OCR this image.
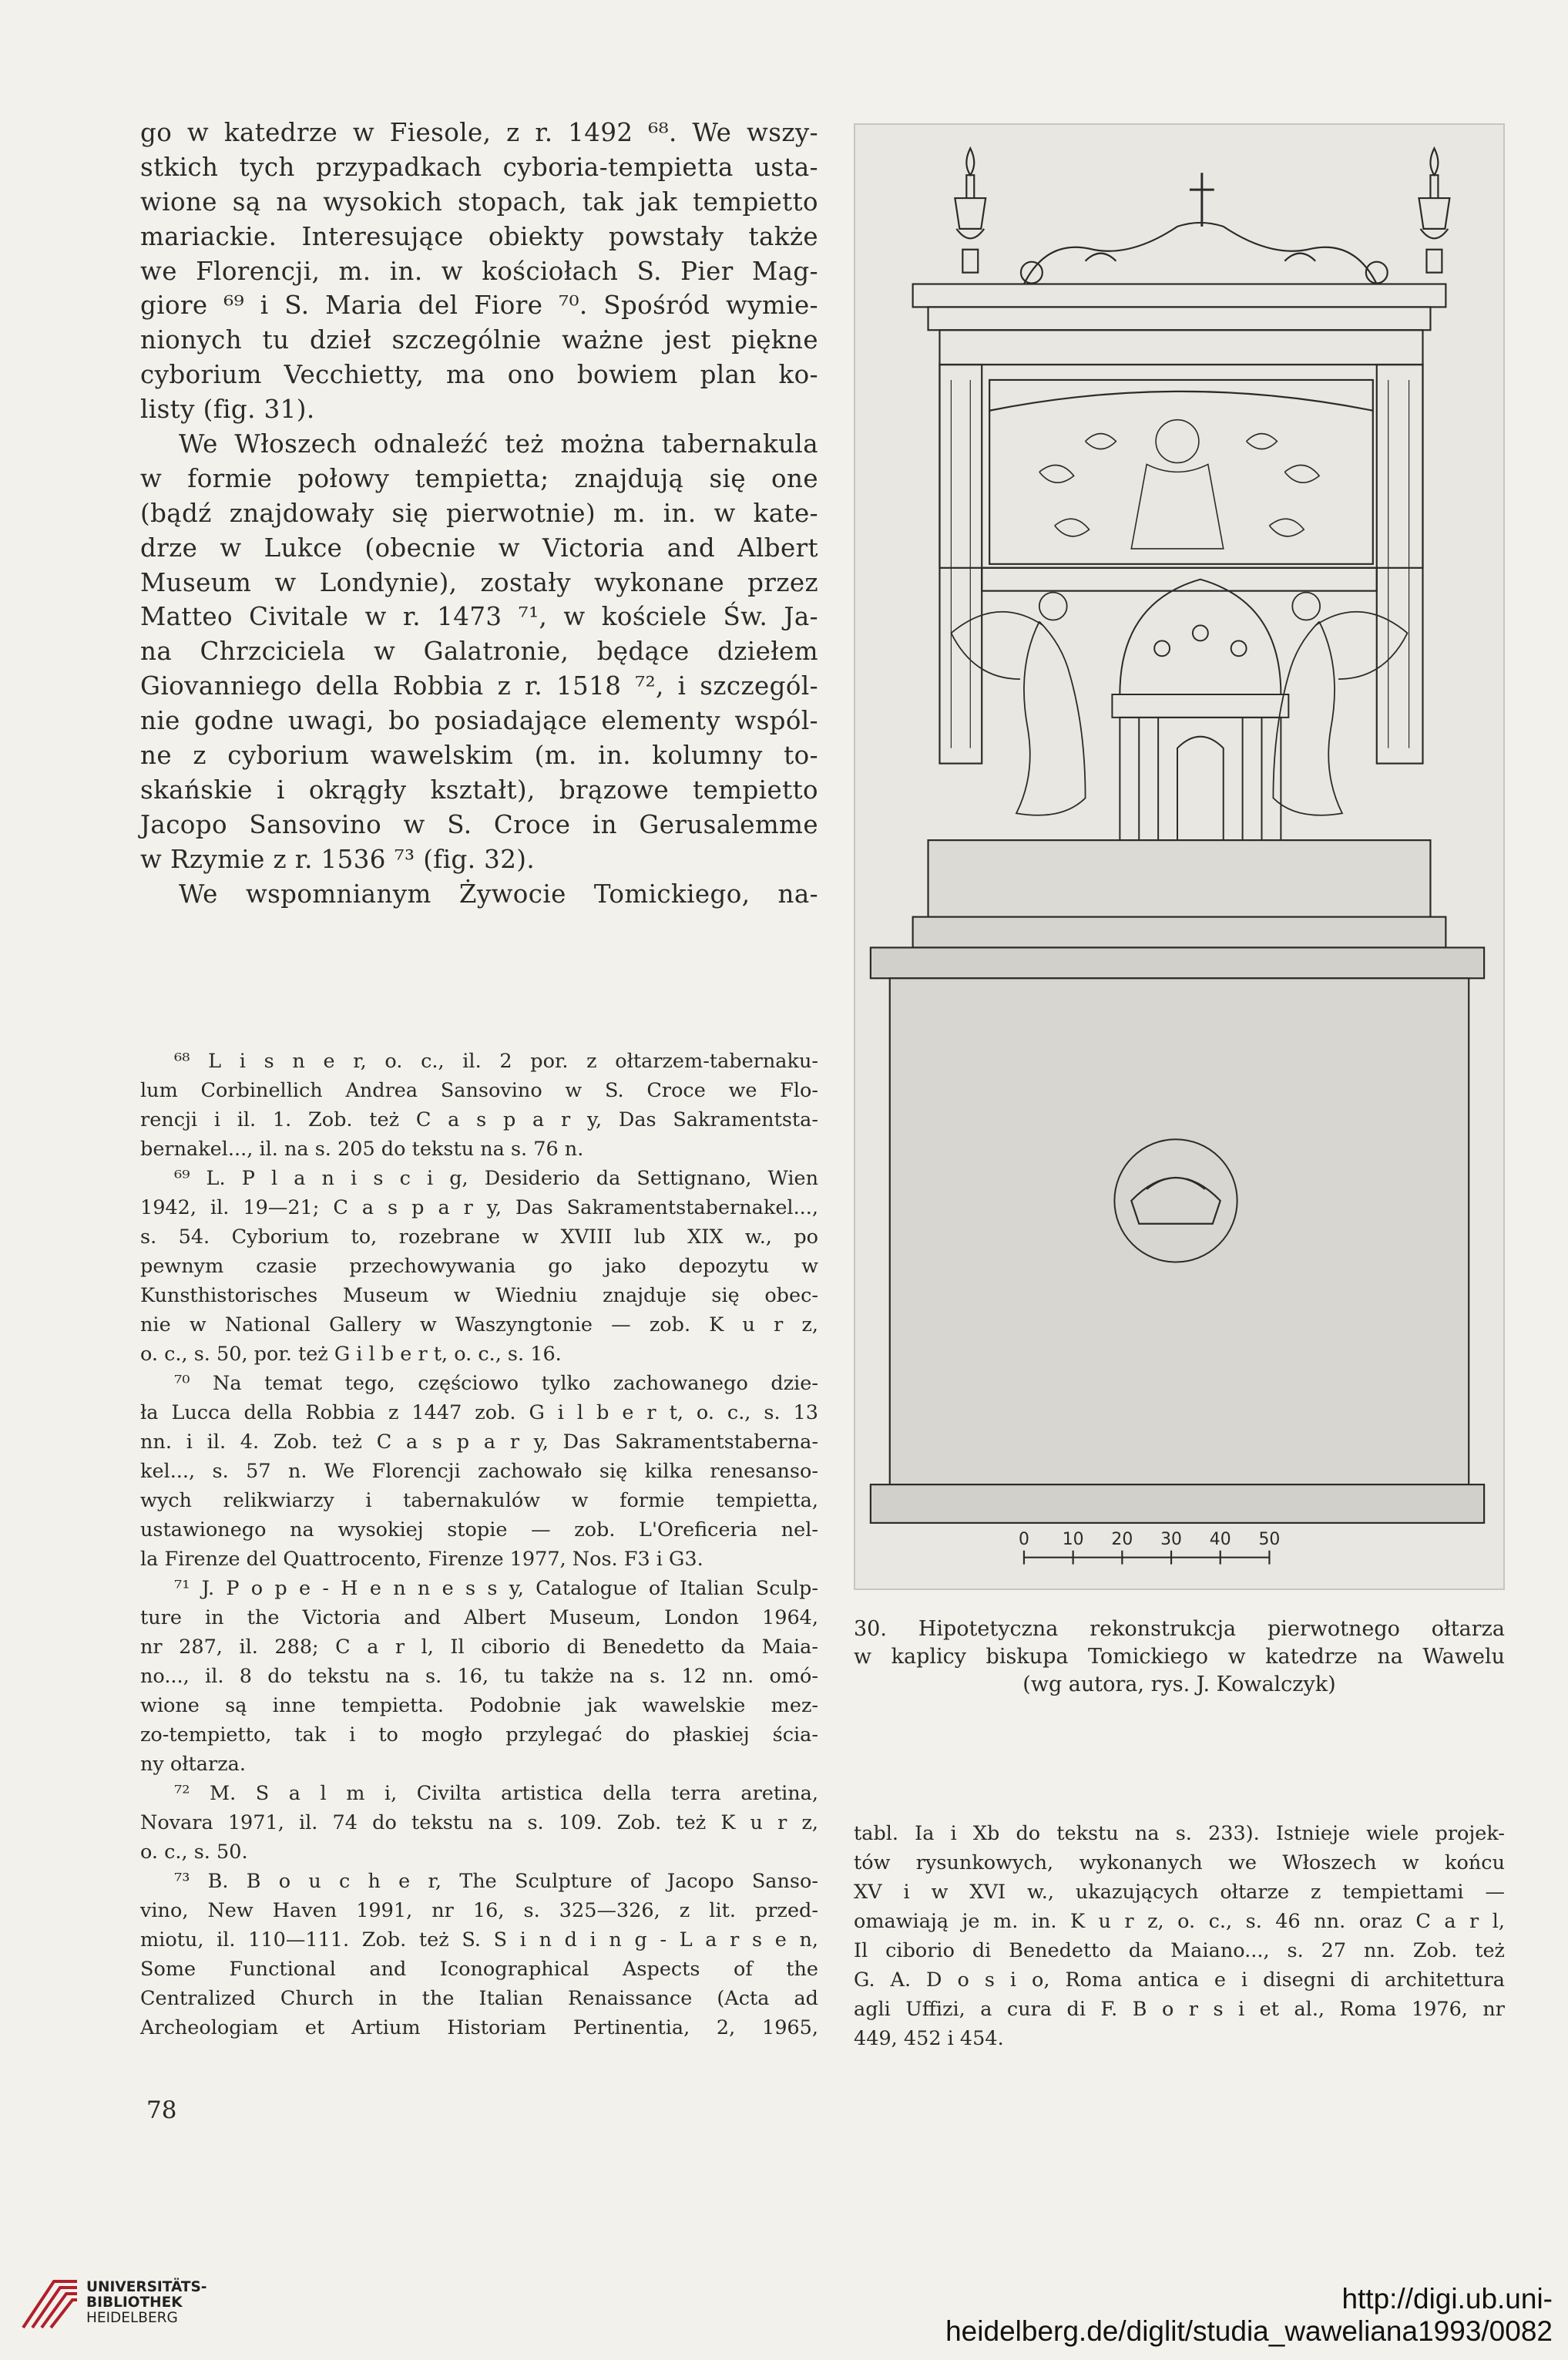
go w katedrze w Fiesole, z r. 1492 ⁶⁸. We wszy-
stkich tych przypadkach cyboria-tempietta usta-
wione są na wysokich stopach, tak jak tempietto
mariackie. Interesujące obiekty powstały także
we Florencji, m. in. w kościołach S. Pier Mag-
giore ⁶⁹ i S. Maria del Fiore ⁷⁰. Spośród wymie-
nionych tu dzieł szczególnie ważne jest piękne
cyborium Vecchietty, ma ono bowiem plan ko-
listy (fig. 31).
We Włoszech odnaleźć też można tabernakula
w formie połowy tempietta; znajdują się one
(bądź znajdowały się pierwotnie) m. in. w kate-
drze w Lukce (obecnie w Victoria and Albert
Museum w Londynie), zostały wykonane przez
Matteo Civitale w r. 1473 ⁷¹, w kościele Św. Ja-
na Chrzciciela w Galatronie, będące dziełem
Giovanniego della Robbia z r. 1518 ⁷², i szczegól-
nie godne uwagi, bo posiadające elementy wspól-
ne z cyborium wawelskim (m. in. kolumny to-
skańskie i okrągły kształt), brązowe tempietto
Jacopo Sansovino w S. Croce in Gerusalemme
w Rzymie z r. 1536 ⁷³ (fig. 32).
We wspomnianym Żywocie Tomickiego, na-
⁶⁸ L i s n e r, o. c., il. 2 por. z ołtarzem-tabernaku-
lum Corbinellich Andrea Sansovino w S. Croce we Flo-
rencji i il. 1. Zob. też C a s p a r y, Das Sakramentsta-
bernakel..., il. na s. 205 do tekstu na s. 76 n.
⁶⁹ L. P l a n i s c i g, Desiderio da Settignano, Wien
1942, il. 19—21; C a s p a r y, Das Sakramentstabernakel...,
s. 54. Cyborium to, rozebrane w XVIII lub XIX w., po
pewnym czasie przechowywania go jako depozytu w
Kunsthistorisches Museum w Wiedniu znajduje się obec-
nie w National Gallery w Waszyngtonie — zob. K u r z,
o. c., s. 50, por. też G i l b e r t, o. c., s. 16.
⁷⁰ Na temat tego, częściowo tylko zachowanego dzie-
ła Lucca della Robbia z 1447 zob. G i l b e r t, o. c., s. 13
nn. i il. 4. Zob. też C a s p a r y, Das Sakramentstaberna-
kel..., s. 57 n. We Florencji zachowało się kilka renesanso-
wych relikwiarzy i tabernakulów w formie tempietta,
ustawionego na wysokiej stopie — zob. L'Oreficeria nel-
la Firenze del Quattrocento, Firenze 1977, Nos. F3 i G3.
⁷¹ J. P o p e - H e n n e s s y, Catalogue of Italian Sculp-
ture in the Victoria and Albert Museum, London 1964,
nr 287, il. 288; C a r l, Il ciborio di Benedetto da Maia-
no..., il. 8 do tekstu na s. 16, tu także na s. 12 nn. omó-
wione są inne tempietta. Podobnie jak wawelskie mez-
zo-tempietto, tak i to mogło przylegać do płaskiej ścia-
ny ołtarza.
⁷² M. S a l m i, Civilta artistica della terra aretina,
Novara 1971, il. 74 do tekstu na s. 109. Zob. też K u r z,
o. c., s. 50.
⁷³ B. B o u c h e r, The Sculpture of Jacopo Sanso-
vino, New Haven 1991, nr 16, s. 325—326, z lit. przed-
miotu, il. 110—111. Zob. też S. S i n d i n g - L a r s e n,
Some Functional and Iconographical Aspects of the
Centralized Church in the Italian Renaissance (Acta ad
Archeologiam et Artium Historiam Pertinentia, 2, 1965,
0 10 20 30 40 50
30. Hipotetyczna rekonstrukcja pierwotnego ołtarza
w kaplicy biskupa Tomickiego w katedrze na Wawelu
(wg autora, rys. J. Kowalczyk)
tabl. Ia i Xb do tekstu na s. 233). Istnieje wiele projek-
tów rysunkowych, wykonanych we Włoszech w końcu
XV i w XVI w., ukazujących ołtarze z tempiettami —
omawiają je m. in. K u r z, o. c., s. 46 nn. oraz C a r l,
Il ciborio di Benedetto da Maiano..., s. 27 nn. Zob. też
G. A. D o s i o, Roma antica e i disegni di architettura
agli Uffizi, a cura di F. B o r s i et al., Roma 1976, nr
449, 452 i 454.
78
UNIVERSITÄTS-
BIBLIOTHEK
HEIDELBERG
http://digi.ub.uni-heidelberg.de/diglit/studia_waweliana1993/0082
